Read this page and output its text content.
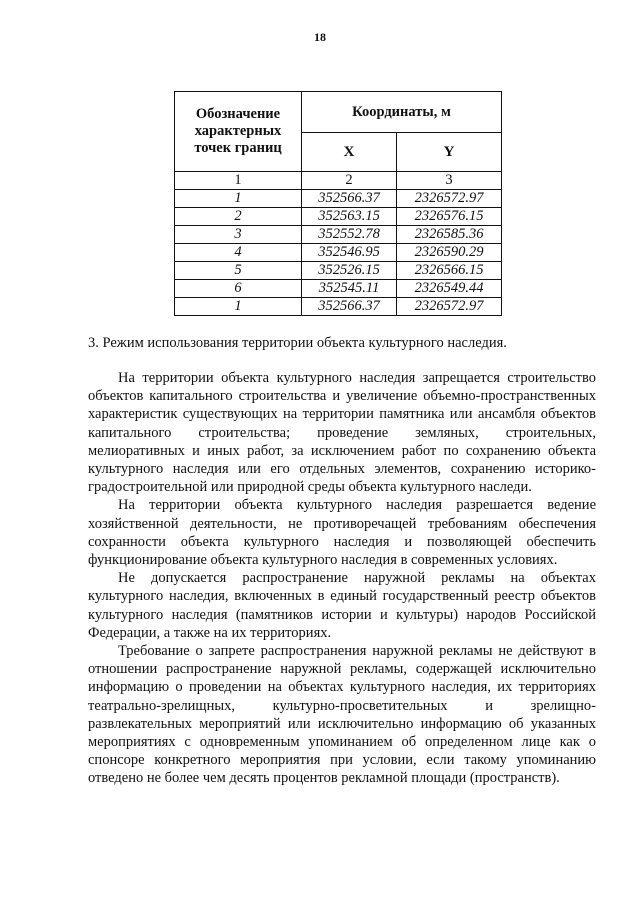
18
Обозначение характерных точек границ	Координаты, м	
	X	Y
1	2	3
1	352566.37	2326572.97
2	352563.15	2326576.15
3	352552.78	2326585.36
4	352546.95	2326590.29
5	352526.15	2326566.15
6	352545.11	2326549.44
1	352566.37	2326572.97
3. Режим использования территории объекта культурного наследия.

На территории объекта культурного наследия запрещается строительство объектов капитального строительства и увеличение объемно-пространственных характеристик существующих на территории памятника или ансамбля объектов капитального строительства; проведение земляных, строительных, мелиоративных и иных работ, за исключением работ по сохранению объекта культурного наследия или его отдельных элементов, сохранению историко-градостроительной или природной среды объекта культурного наследи.

На территории объекта культурного наследия разрешается ведение хозяйственной деятельности, не противоречащей требованиям обеспечения сохранности объекта культурного наследия и позволяющей обеспечить функционирование объекта культурного наследия в современных условиях.

Не допускается распространение наружной рекламы на объектах культурного наследия, включенных в единый государственный реестр объектов культурного наследия (памятников истории и культуры) народов Российской Федерации, а также на их территориях.

Требование о запрете распространения наружной рекламы не действуют в отношении распространение наружной рекламы, содержащей исключительно информацию о проведении на объектах культурного наследия, их территориях театрально-зрелищных, культурно-просветительных и зрелищно-развлекательных мероприятий или исключительно информацию об указанных мероприятиях с одновременным упоминанием об определенном лице как о спонсоре конкретного мероприятия при условии, если такому упоминанию отведено не более чем десять процентов рекламной площади (пространств).
